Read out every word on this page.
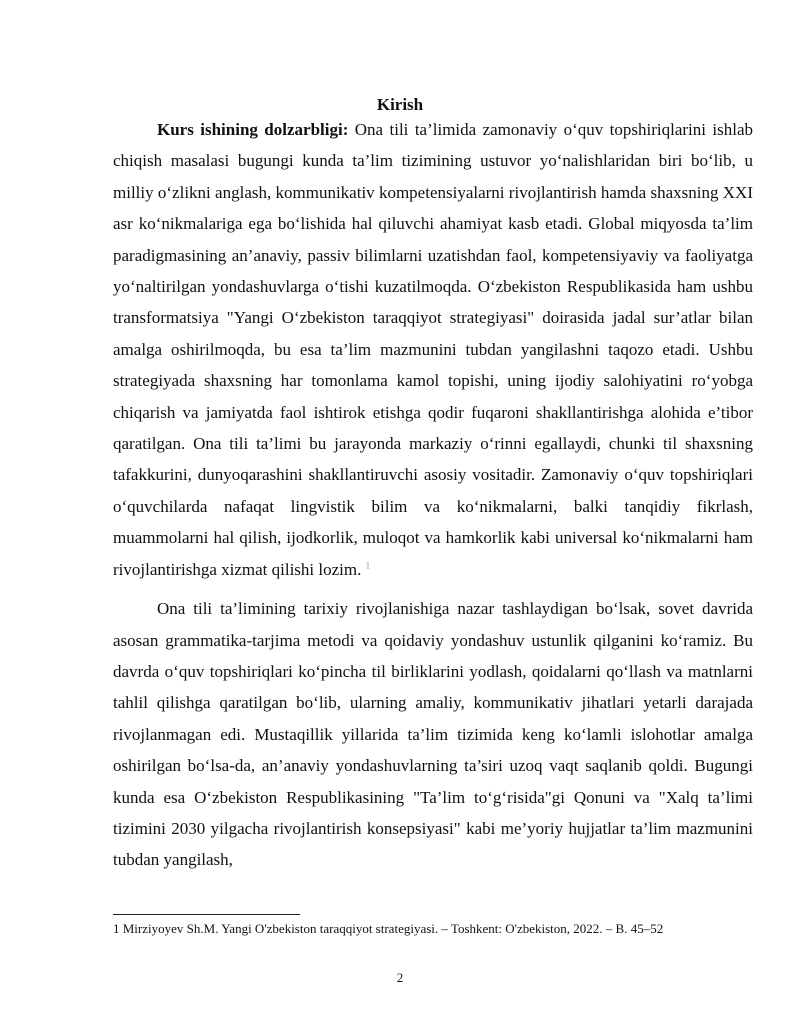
Kirish

Kurs ishining dolzarbligi: Ona tili ta’limida zamonaviy o‘quv topshiriqlarini ishlab chiqish masalasi bugungi kunda ta’lim tizimining ustuvor yo‘nalishlaridan biri bo‘lib, u milliy o‘zlikni anglash, kommunikativ kompetensiyalarni rivojlantirish hamda shaxsning XXI asr ko‘nikmalariga ega bo‘lishida hal qiluvchi ahamiyat kasb etadi. Global miqyosda ta’lim paradigmasining an’anaviy, passiv bilimlarni uzatishdan faol, kompetensiyaviy va faoliyatga yo‘naltirilgan yondashuvlarga o‘tishi kuzatilmoqda. O‘zbekiston Respublikasida ham ushbu transformatsiya "Yangi O‘zbekiston taraqqiyot strategiyasi" doirasida jadal sur’atlar bilan amalga oshirilmoqda, bu esa ta’lim mazmunini tubdan yangilashni taqozo etadi. Ushbu strategiyada shaxsning har tomonlama kamol topishi, uning ijodiy salohiyatini ro‘yobga chiqarish va jamiyatda faol ishtirok etishga qodir fuqaroni shakllantirishga alohida e’tibor qaratilgan. Ona tili ta’limi bu jarayonda markaziy o‘rinni egallaydi, chunki til shaxsning tafakkurini, dunyoqarashini shakllantiruvchi asosiy vositadir. Zamonaviy o‘quv topshiriqlari o‘quvchilarda nafaqat lingvistik bilim va ko‘nikmalarni, balki tanqidiy fikrlash, muammolarni hal qilish, ijodkorlik, muloqot va hamkorlik kabi universal ko‘nikmalarni ham rivojlantirishga xizmat qilishi lozim. $^1$

Ona tili ta’limining tarixiy rivojlanishiga nazar tashlaydigan bo‘lsak, sovet davrida asosan grammatika-tarjima metodi va qoidaviy yondashuv ustunlik qilganini ko‘ramiz. Bu davrda o‘quv topshiriqlari ko‘pincha til birliklarini yodlash, qoidalarni qo‘llash va matnlarni tahlil qilishga qaratilgan bo‘lib, ularning amaliy, kommunikativ jihatlari yetarli darajada rivojlanmagan edi. Mustaqillik yillarida ta’lim tizimida keng ko‘lamli islohotlar amalga oshirilgan bo‘lsa-da, an’anaviy yondashuvlarning ta’siri uzoq vaqt saqlanib qoldi. Bugungi kunda esa O‘zbekiston Respublikasining "Ta’lim to‘g‘risida"gi Qonuni va "Xalq ta’limi tizimini 2030 yilgacha rivojlantirish konsepsiyasi" kabi me’yoriy hujjatlar ta’lim mazmunini tubdan yangilash,

1 Mirziyoyev Sh.M. Yangi O'zbekiston taraqqiyot strategiyasi. – Toshkent: O'zbekiston, 2022. – B. 45–52
2
